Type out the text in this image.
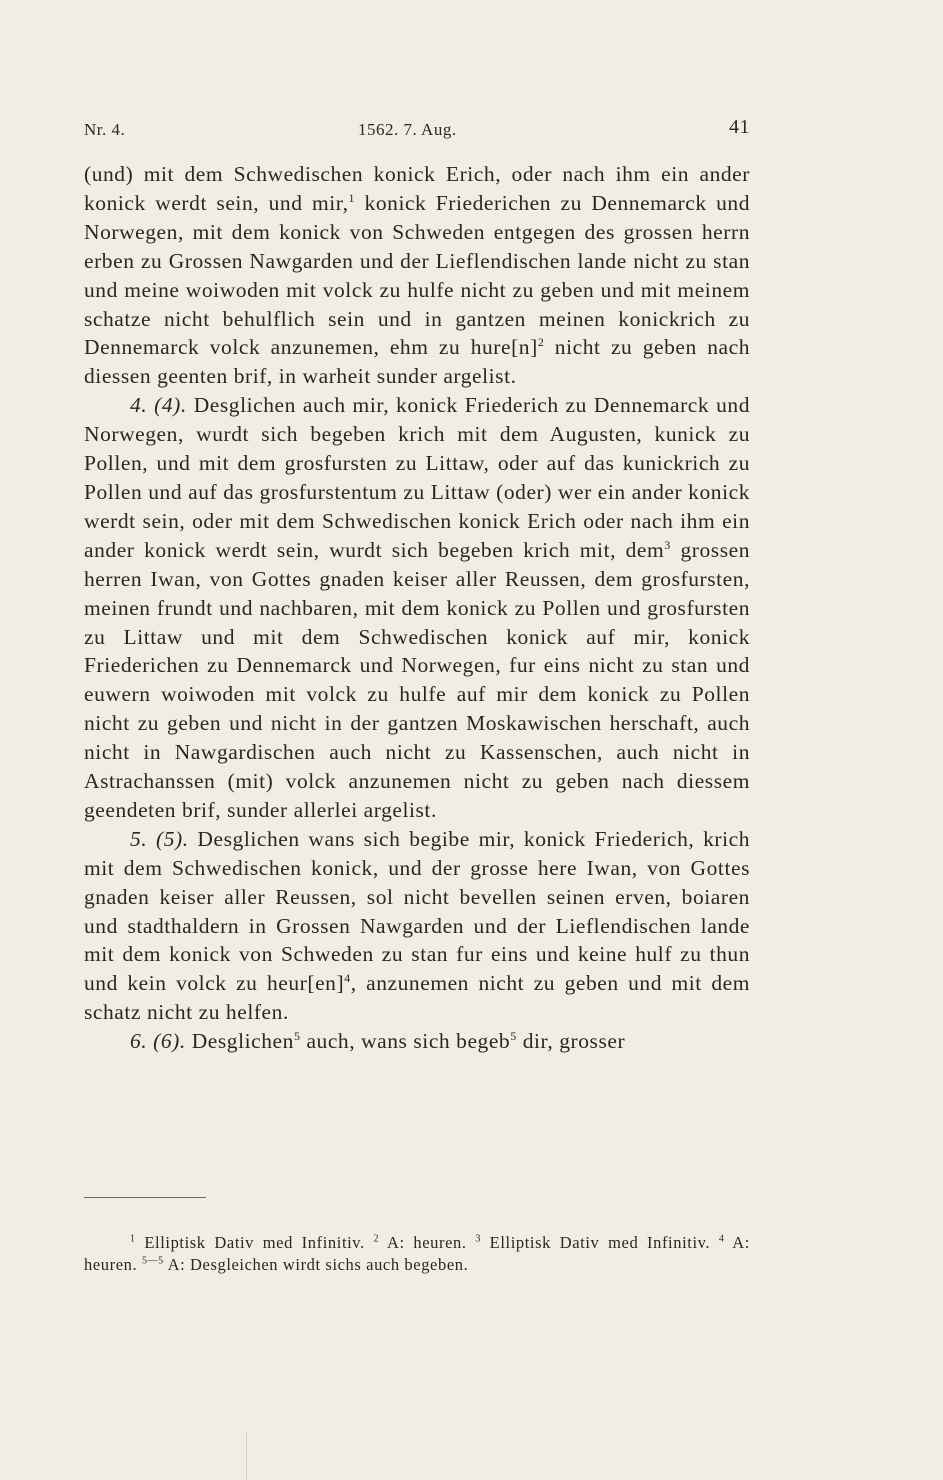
Nr. 4.	1562. 7. Aug.	41

(und) mit dem Schwedischen konick Erich, oder nach ihm ein ander konick werdt sein, und mir,$^1$ konick Friederichen zu Dennemarck und Norwegen, mit dem konick von Schweden entgegen des grossen herrn erben zu Grossen Nawgarden und der Lieflendischen lande nicht zu stan und meine woiwoden mit volck zu hulfe nicht zu geben und mit meinem schatze nicht behulflich sein und in gantzen meinen konickrich zu Dennemarck volck anzunemen, ehm zu $hure[n]^2$ nicht zu geben nach diessen geenten brif, in warheit sunder argelist.

4. (4). Desglichen auch mir, konick Friederich zu Dennemarck und Norwegen, wurdt sich begeben krich mit dem Augusten, kunick zu Pollen, und mit dem grosfursten zu Littaw, oder auf das kunickrich zu Pollen und auf das grosfurstentum zu Littaw (oder) wer ein ander konick werdt sein, oder mit dem Schwedischen konick Erich oder nach ihm ein ander konick werdt sein, wurdt sich begeben krich mit, dem$^3$ grossen herren Iwan, von Gottes gnaden keiser aller Reussen, dem grosfursten, meinen frundt und nachbaren, mit dem konick zu Pollen und grosfursten zu Littaw und mit dem Schwedischen konick auf mir, konick Friederichen zu Dennemarck und Norwegen, fur eins nicht zu stan und euwern woiwoden mit volck zu hulfe auf mir dem konick zu Pollen nicht zu geben und nicht in der gantzen Moskawischen herschaft, auch nicht in Nawgardischen auch nicht zu Kassenschen, auch nicht in Astrachanssen (mit) volck anzunemen nicht zu geben nach diessem geendeten brif, sunder allerlei argelist.

5. (5). Desglichen wans sich begibe mir, konick Friederich, krich mit dem Schwedischen konick, und der grosse here Iwan, von Gottes gnaden keiser aller Reussen, sol nicht bevellen seinen erven, boiaren und stadthaldern in Grossen Nawgarden und der Lieflendischen lande mit dem konick von Schweden zu stan fur eins und keine hulf zu thun und kein volck zu heur[en]$^4$, anzunemen nicht zu geben und mit dem schatz nicht zu helfen.

6. (6). Desglichen$^5$ auch, wans sich begeb$^5$ dir, grosser

$^1$ Elliptisk Dativ med Infinitiv. $^2$ A: heuren. $^3$ Elliptisk Dativ med Infinitiv. $^4$ A: heuren. $^{5—5}$ A: Desgleichen wirdt sichs auch begeben.
